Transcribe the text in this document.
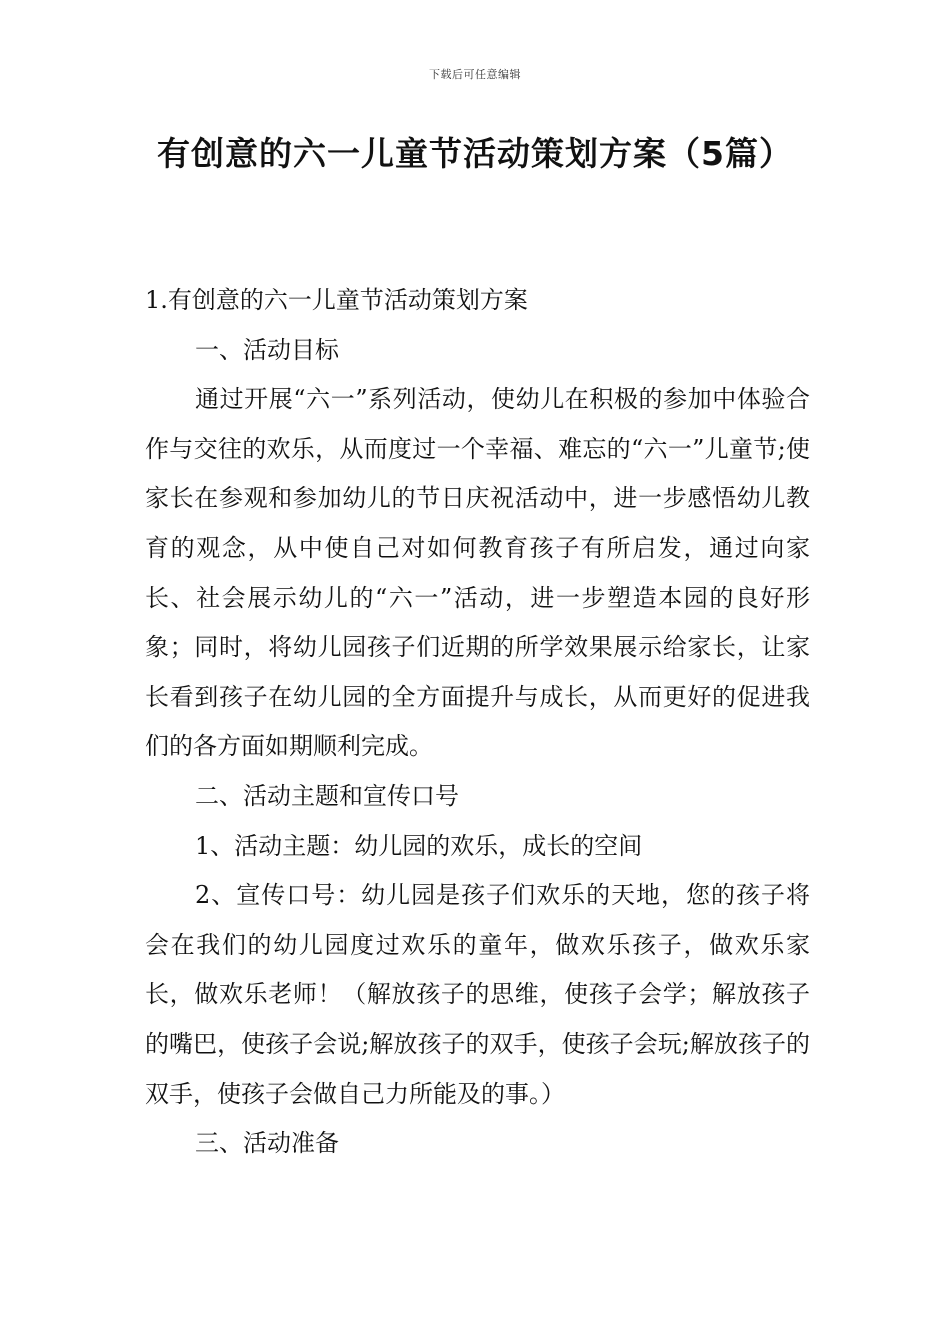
下载后可任意编辑
有创意的六一儿童节活动策划方案（5篇）

1.有创意的六一儿童节活动策划方案

一、活动目标

通过开展“六一”系列活动，使幼儿在积极的参加中体验合作与交往的欢乐，从而度过一个幸福、难忘的“六一”儿童节;使家长在参观和参加幼儿的节日庆祝活动中，进一步感悟幼儿教育的观念，从中使自己对如何教育孩子有所启发，通过向家长、社会展示幼儿的“六一”活动，进一步塑造本园的良好形象；同时，将幼儿园孩子们近期的所学效果展示给家长，让家长看到孩子在幼儿园的全方面提升与成长，从而更好的促进我们的各方面如期顺利完成。

二、活动主题和宣传口号

1、活动主题：幼儿园的欢乐，成长的空间

2、宣传口号：幼儿园是孩子们欢乐的天地，您的孩子将会在我们的幼儿园度过欢乐的童年，做欢乐孩子，做欢乐家长，做欢乐老师！（解放孩子的思维，使孩子会学；解放孩子的嘴巴，使孩子会说;解放孩子的双手，使孩子会玩;解放孩子的双手，使孩子会做自己力所能及的事。）

三、活动准备
